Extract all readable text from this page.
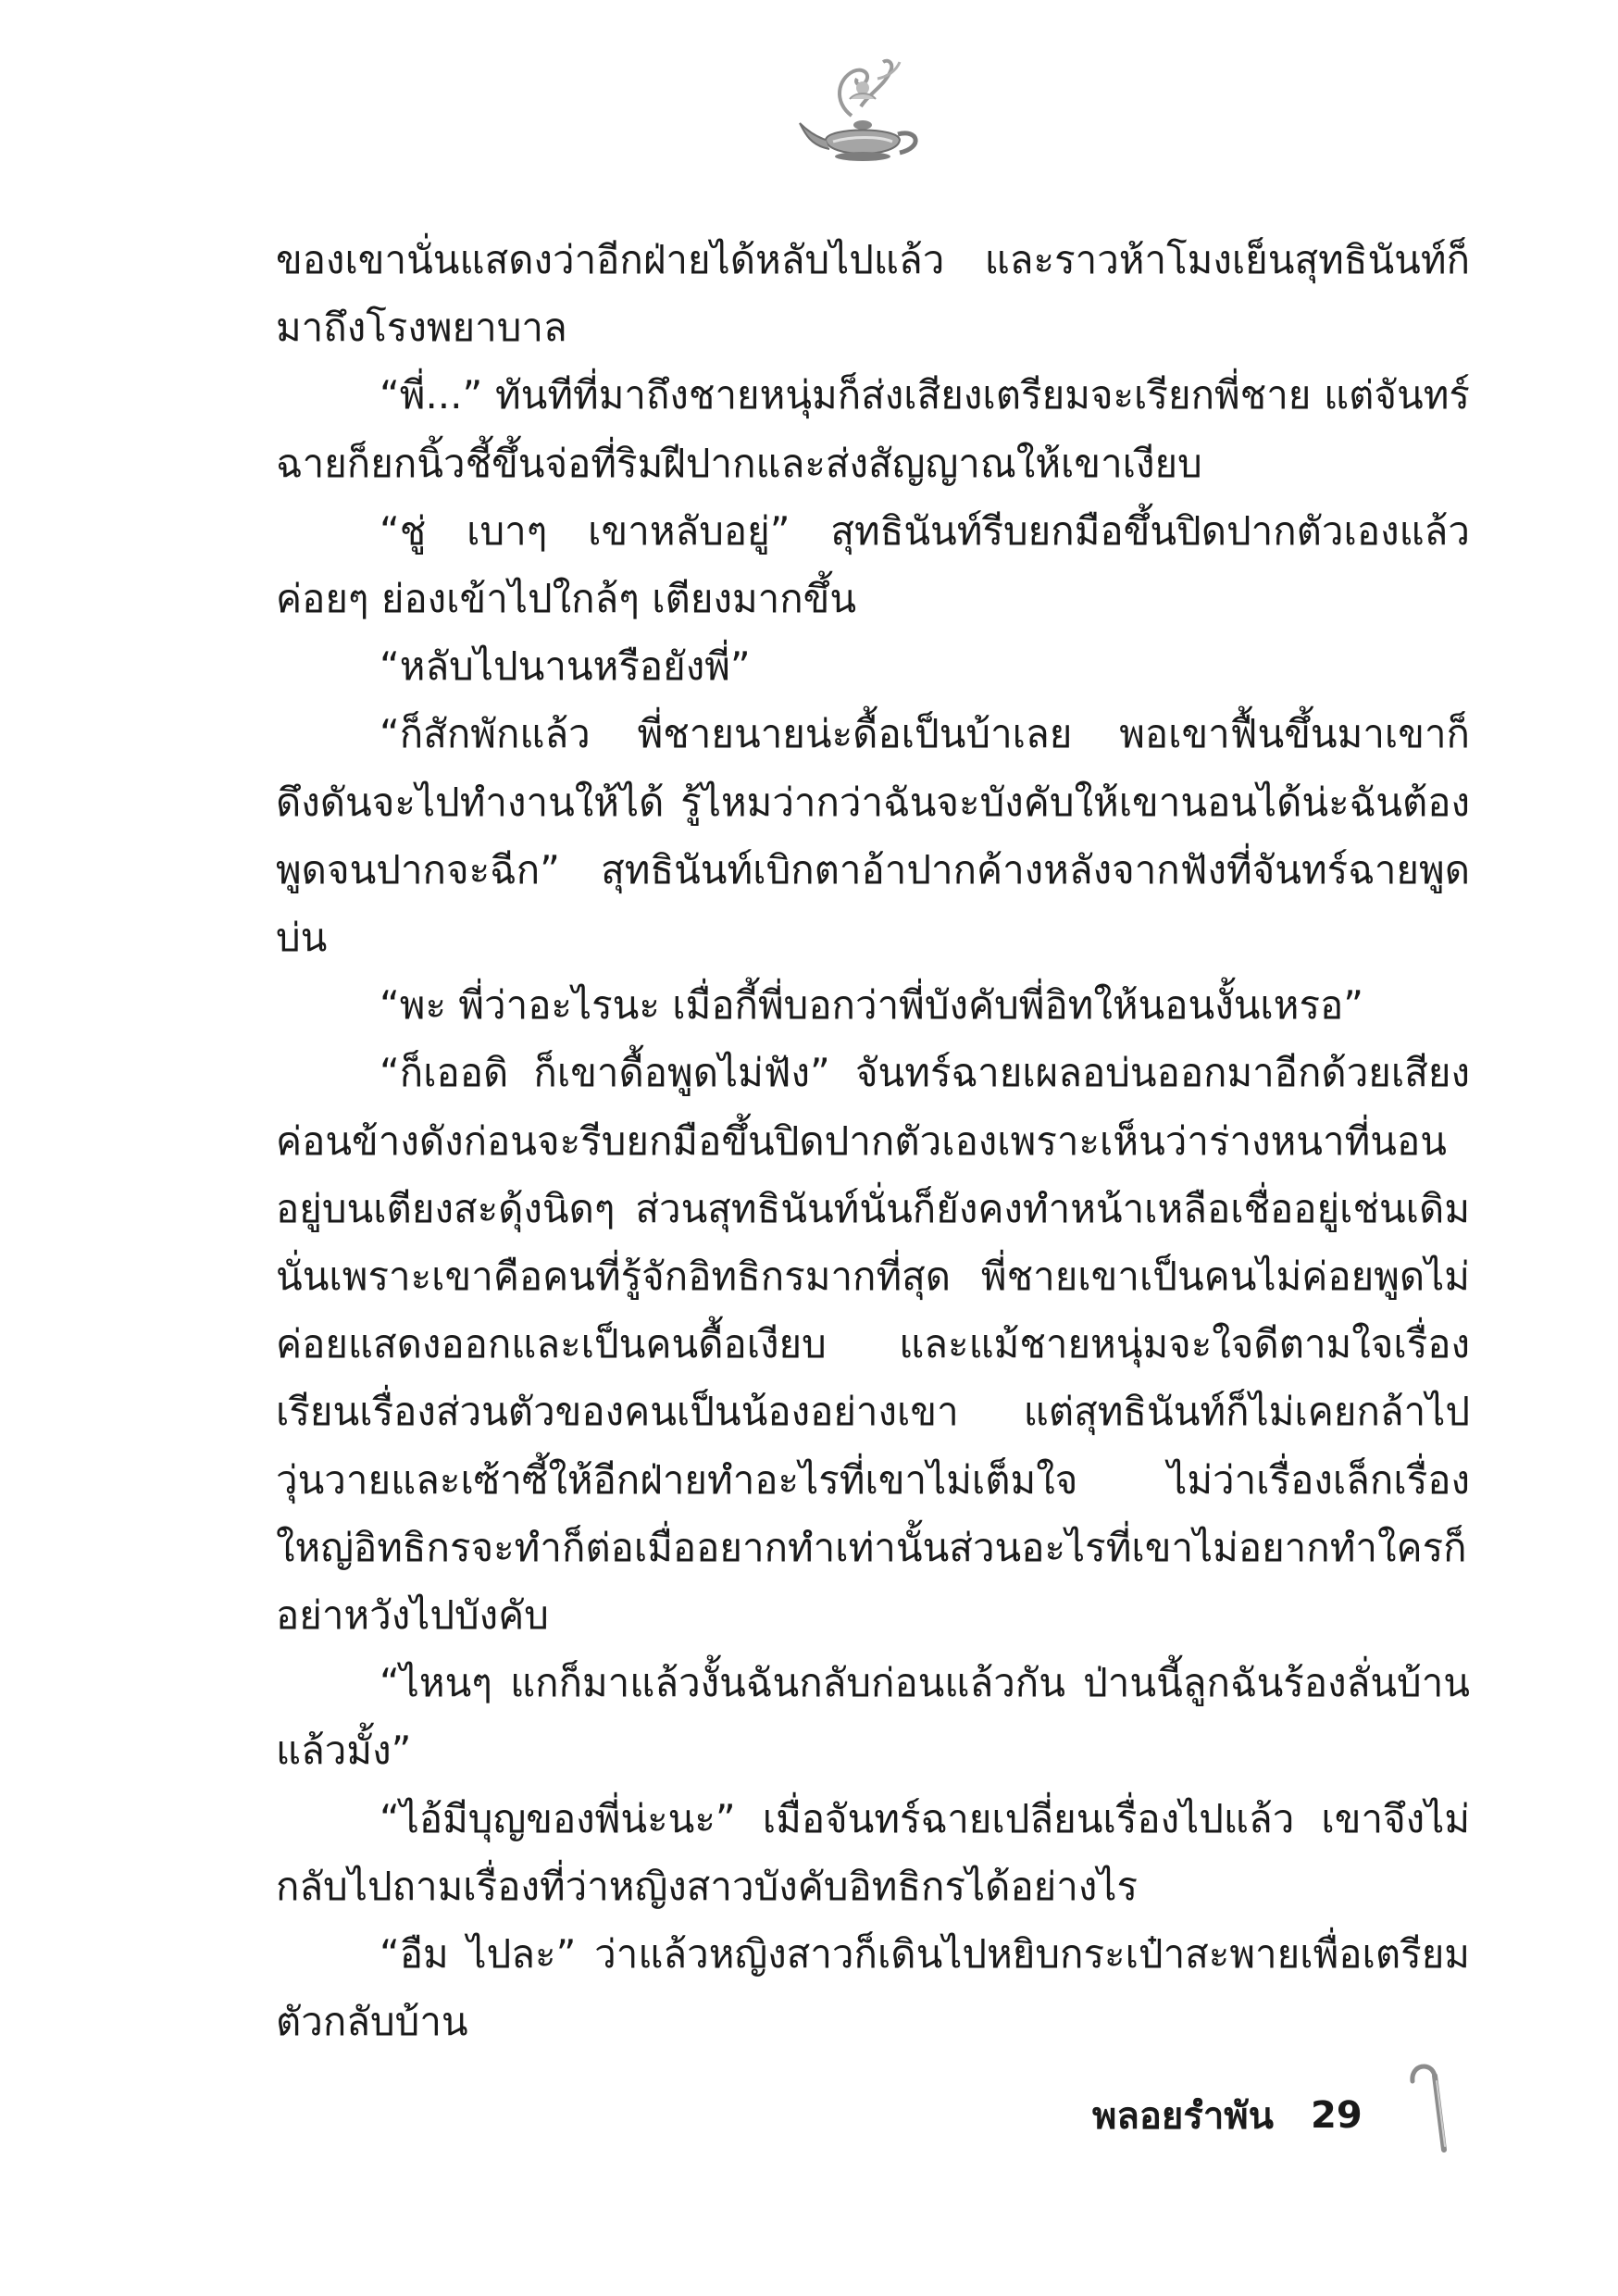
ของเขานั่นแสดงว่าอีกฝ่ายได้หลับไปแล้ว และราวห้าโมงเย็นสุทธินันท์ก็มาถึงโรงพยาบาล

“พี่...” ทันทีที่มาถึงชายหนุ่มก็ส่งเสียงเตรียมจะเรียกพี่ชาย แต่จันทร์ฉายก็ยกนิ้วชี้ขึ้นจ่อที่ริมฝีปากและส่งสัญญาณให้เขาเงียบ

“ชู่ เบาๆ เขาหลับอยู่” สุทธินันท์รีบยกมือขึ้นปิดปากตัวเองแล้วค่อยๆ ย่องเข้าไปใกล้ๆ เตียงมากขึ้น

“หลับไปนานหรือยังพี่”

“ก็สักพักแล้ว พี่ชายนายน่ะดื้อเป็นบ้าเลย พอเขาฟื้นขึ้นมาเขาก็ดึงดันจะไปทำงานให้ได้ รู้ไหมว่ากว่าฉันจะบังคับให้เขานอนได้น่ะฉันต้องพูดจนปากจะฉีก” สุทธินันท์เบิกตาอ้าปากค้างหลังจากฟังที่จันทร์ฉายพูดบ่น

“พะ พี่ว่าอะไรนะ เมื่อกี้พี่บอกว่าพี่บังคับพี่อิทให้นอนงั้นเหรอ”

“ก็เออดิ ก็เขาดื้อพูดไม่ฟัง” จันทร์ฉายเผลอบ่นออกมาอีกด้วยเสียงค่อนข้างดังก่อนจะรีบยกมือขึ้นปิดปากตัวเองเพราะเห็นว่าร่างหนาที่นอนอยู่บนเตียงสะดุ้งนิดๆ ส่วนสุทธินันท์นั่นก็ยังคงทำหน้าเหลือเชื่ออยู่เช่นเดิม นั่นเพราะเขาคือคนที่รู้จักอิทธิกรมากที่สุด พี่ชายเขาเป็นคนไม่ค่อยพูดไม่ค่อยแสดงออกและเป็นคนดื้อเงียบ และแม้ชายหนุ่มจะใจดีตามใจเรื่องเรียนเรื่องส่วนตัวของคนเป็นน้องอย่างเขา แต่สุทธินันท์ก็ไม่เคยกล้าไปวุ่นวายและเซ้าซี้ให้อีกฝ่ายทำอะไรที่เขาไม่เต็มใจ ไม่ว่าเรื่องเล็กเรื่องใหญ่อิทธิกรจะทำก็ต่อเมื่ออยากทำเท่านั้นส่วนอะไรที่เขาไม่อยากทำใครก็อย่าหวังไปบังคับ

“ไหนๆ แกก็มาแล้วงั้นฉันกลับก่อนแล้วกัน ป่านนี้ลูกฉันร้องลั่นบ้านแล้วมั้ง”

“ไอ้มีบุญของพี่น่ะนะ” เมื่อจันทร์ฉายเปลี่ยนเรื่องไปแล้ว เขาจึงไม่กลับไปถามเรื่องที่ว่าหญิงสาวบังคับอิทธิกรได้อย่างไร

“อืม ไปละ” ว่าแล้วหญิงสาวก็เดินไปหยิบกระเป๋าสะพายเพื่อเตรียมตัวกลับบ้าน

พลอยรำพัน 29
